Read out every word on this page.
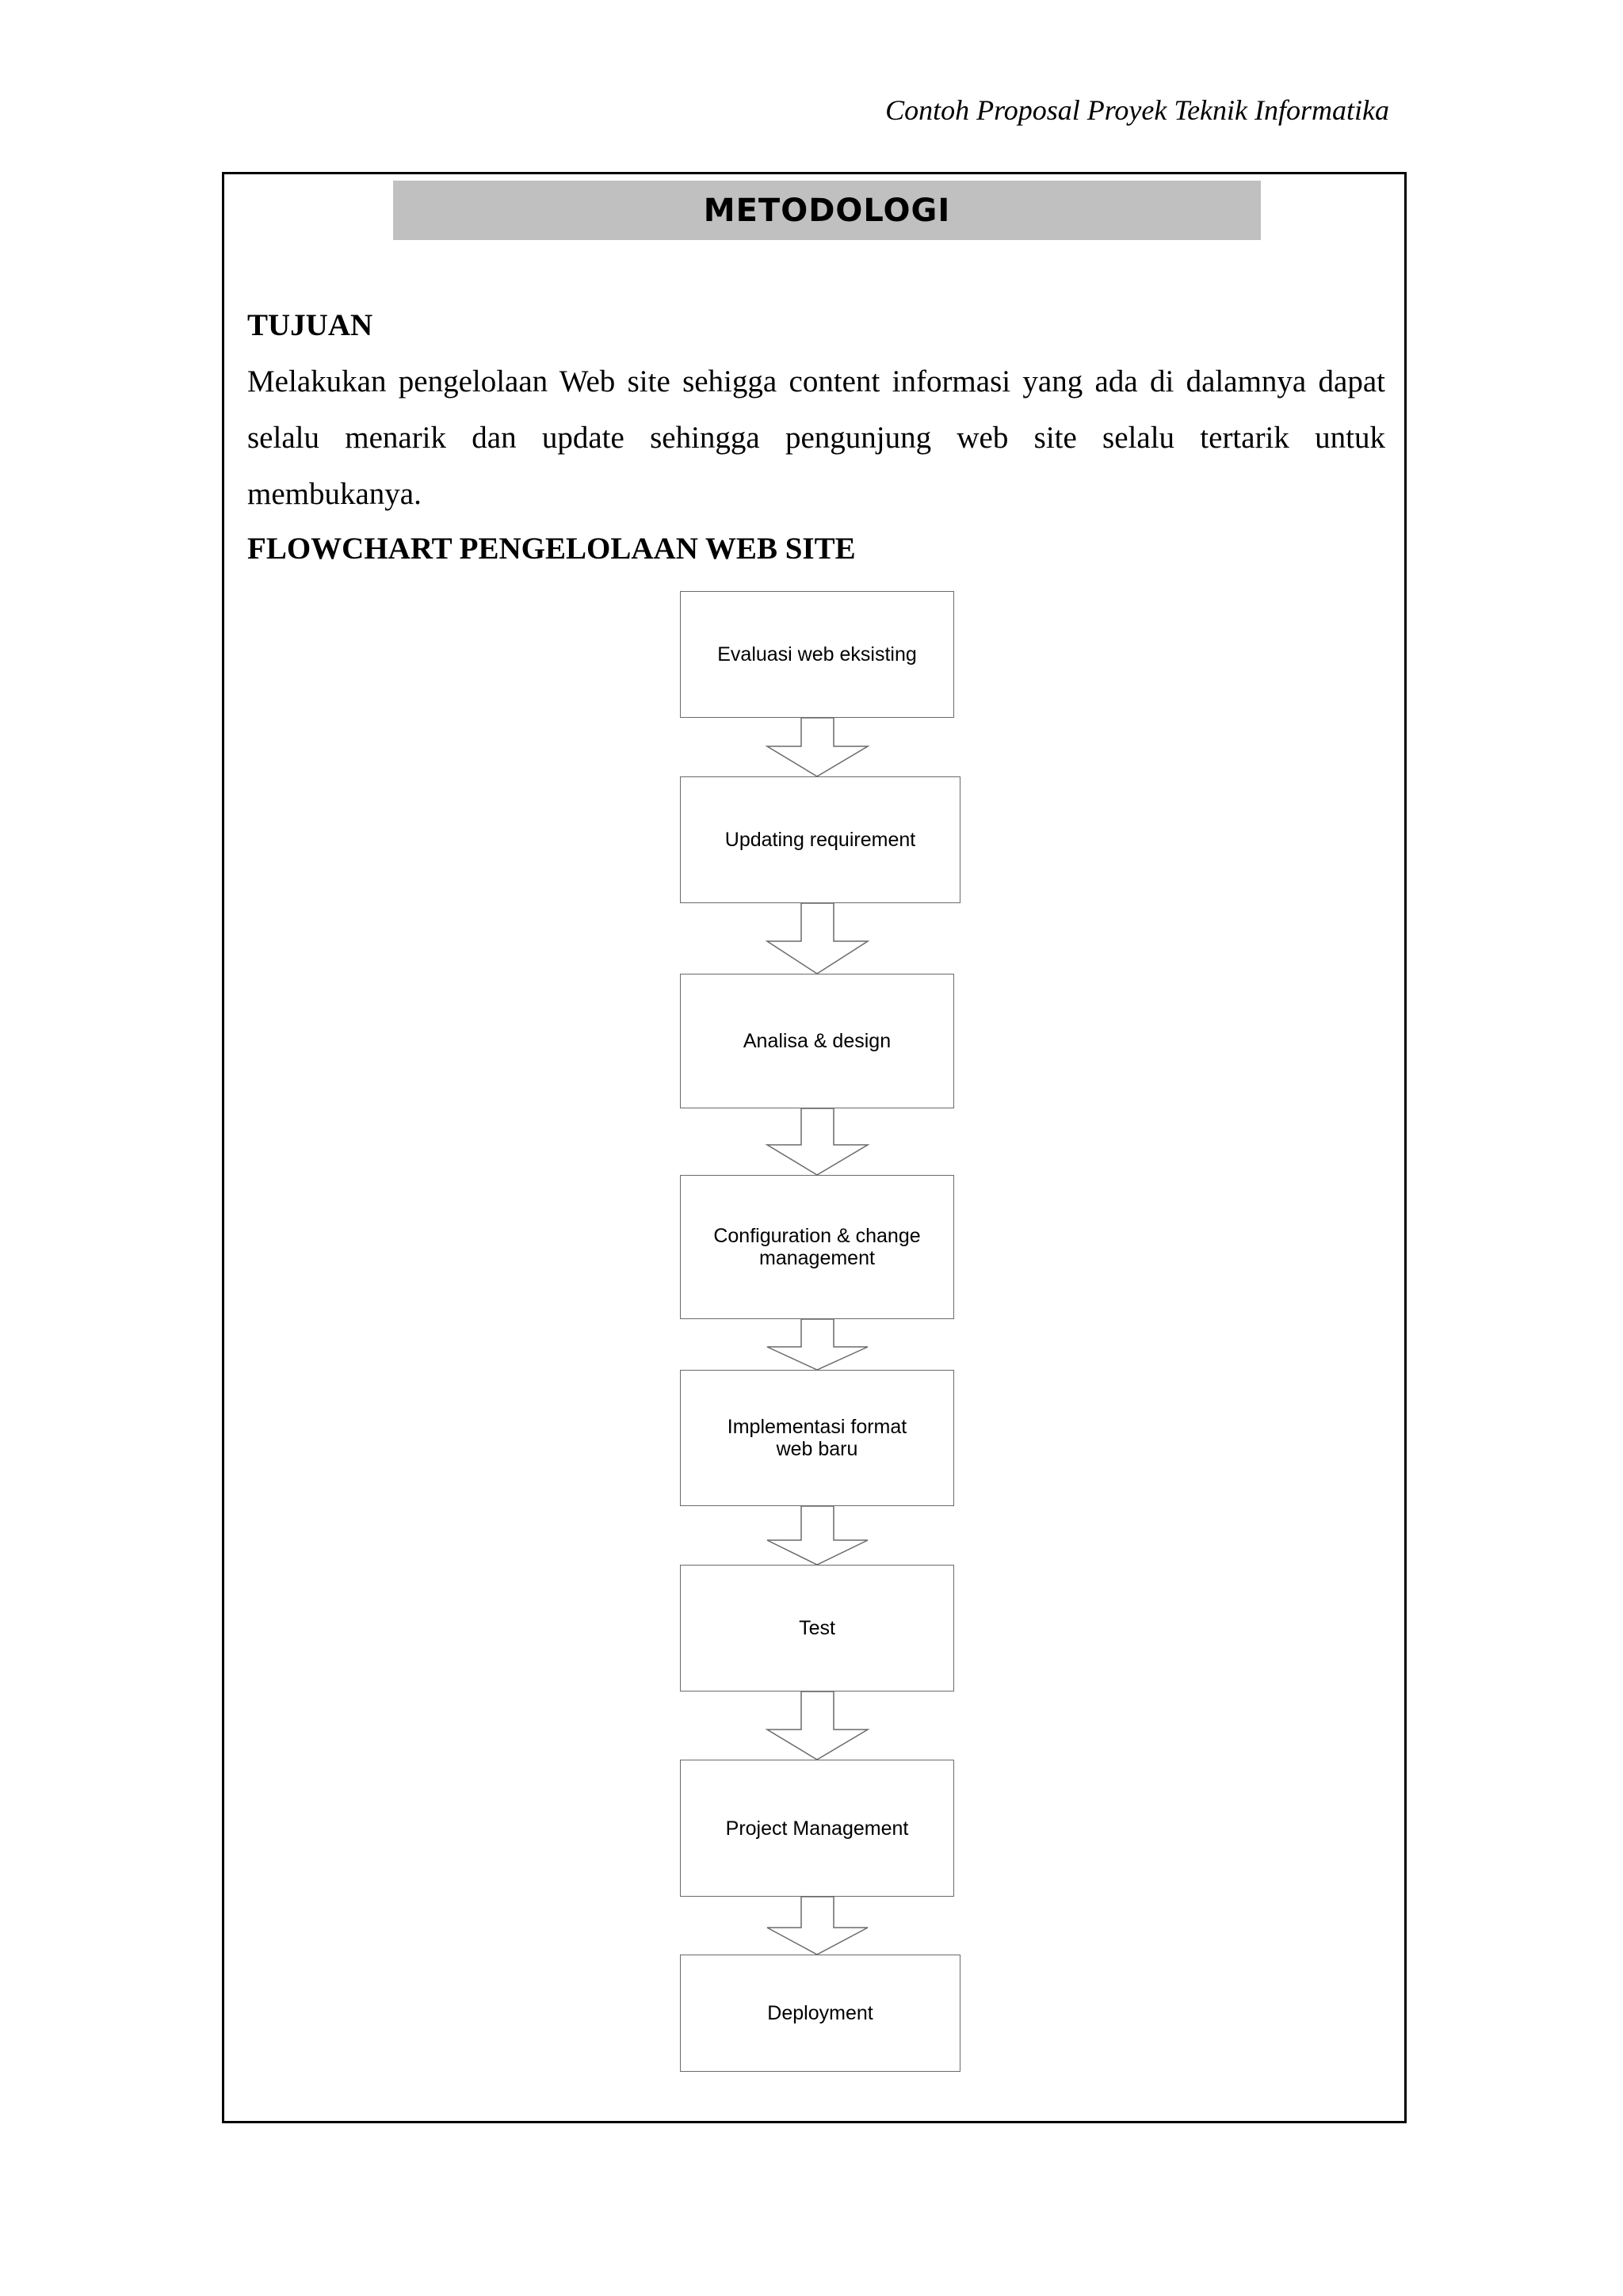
Contoh Proposal Proyek Teknik Informatika
METODOLOGI
TUJUAN
Melakukan pengelolaan Web site sehigga content informasi yang ada di dalamnya dapat selalu menarik dan update sehingga pengunjung web site selalu tertarik untuk membukanya.
FLOWCHART PENGELOLAAN WEB SITE
Evaluasi web eksisting
Updating requirement
Analisa & design
Configuration & change
management
Implementasi format
web baru
Test
Project Management
Deployment
